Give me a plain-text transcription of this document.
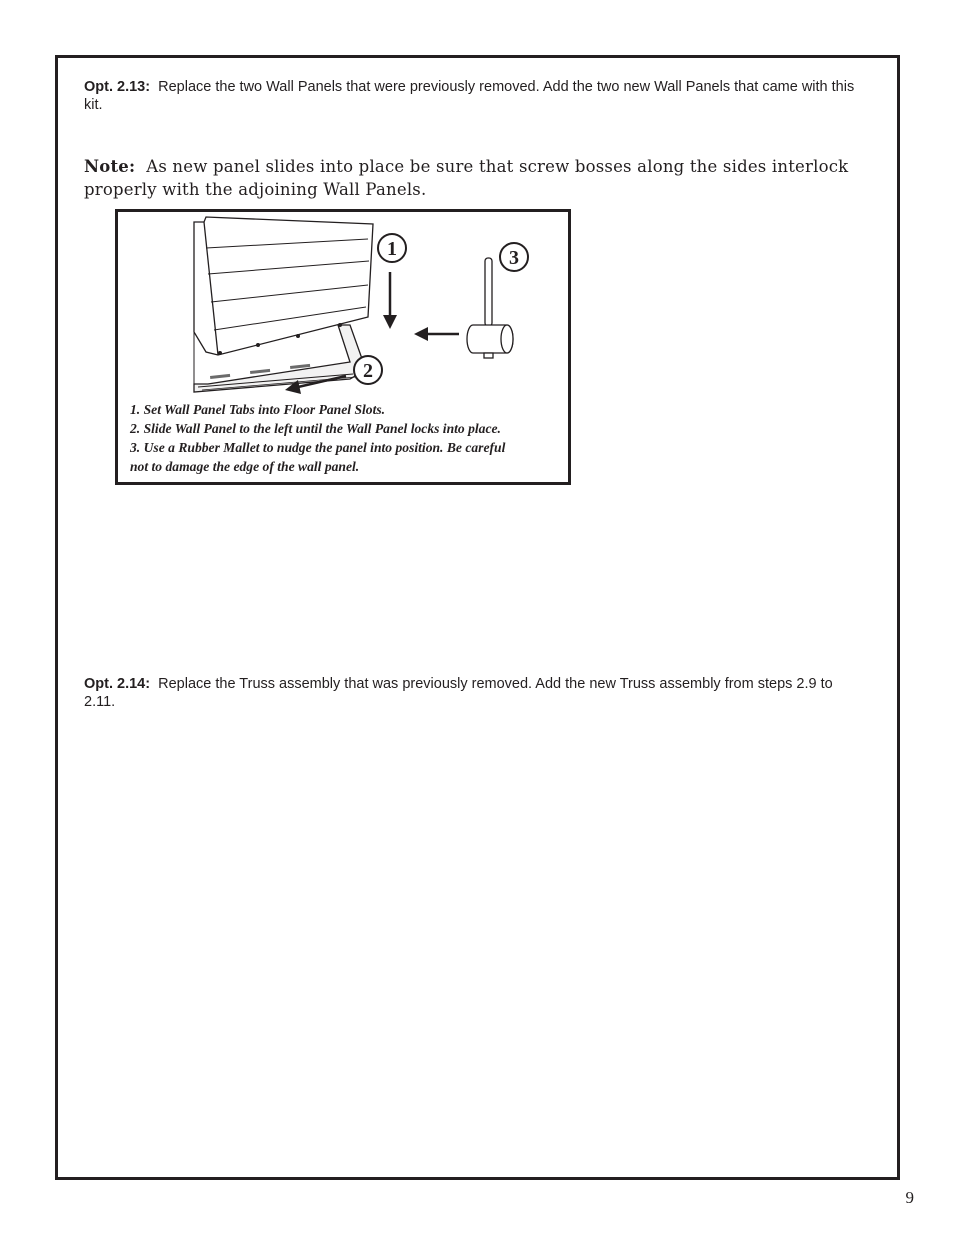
Opt. 2.13: Replace the two Wall Panels that were previously removed. Add the two new Wall Panels that came with this kit.
Note: As new panel slides into place be sure that screw bosses along the sides interlock properly with the adjoining Wall Panels.
1	3
2
1. Set Wall Panel Tabs into Floor Panel Slots.
2. Slide Wall Panel to the left until the Wall Panel locks into place.
3. Use a Rubber Mallet to nudge the panel into position. Be careful
not to damage the edge of the wall panel.
Opt. 2.14: Replace the Truss assembly that was previously removed. Add the new Truss assembly from steps 2.9 to 2.11.
9
